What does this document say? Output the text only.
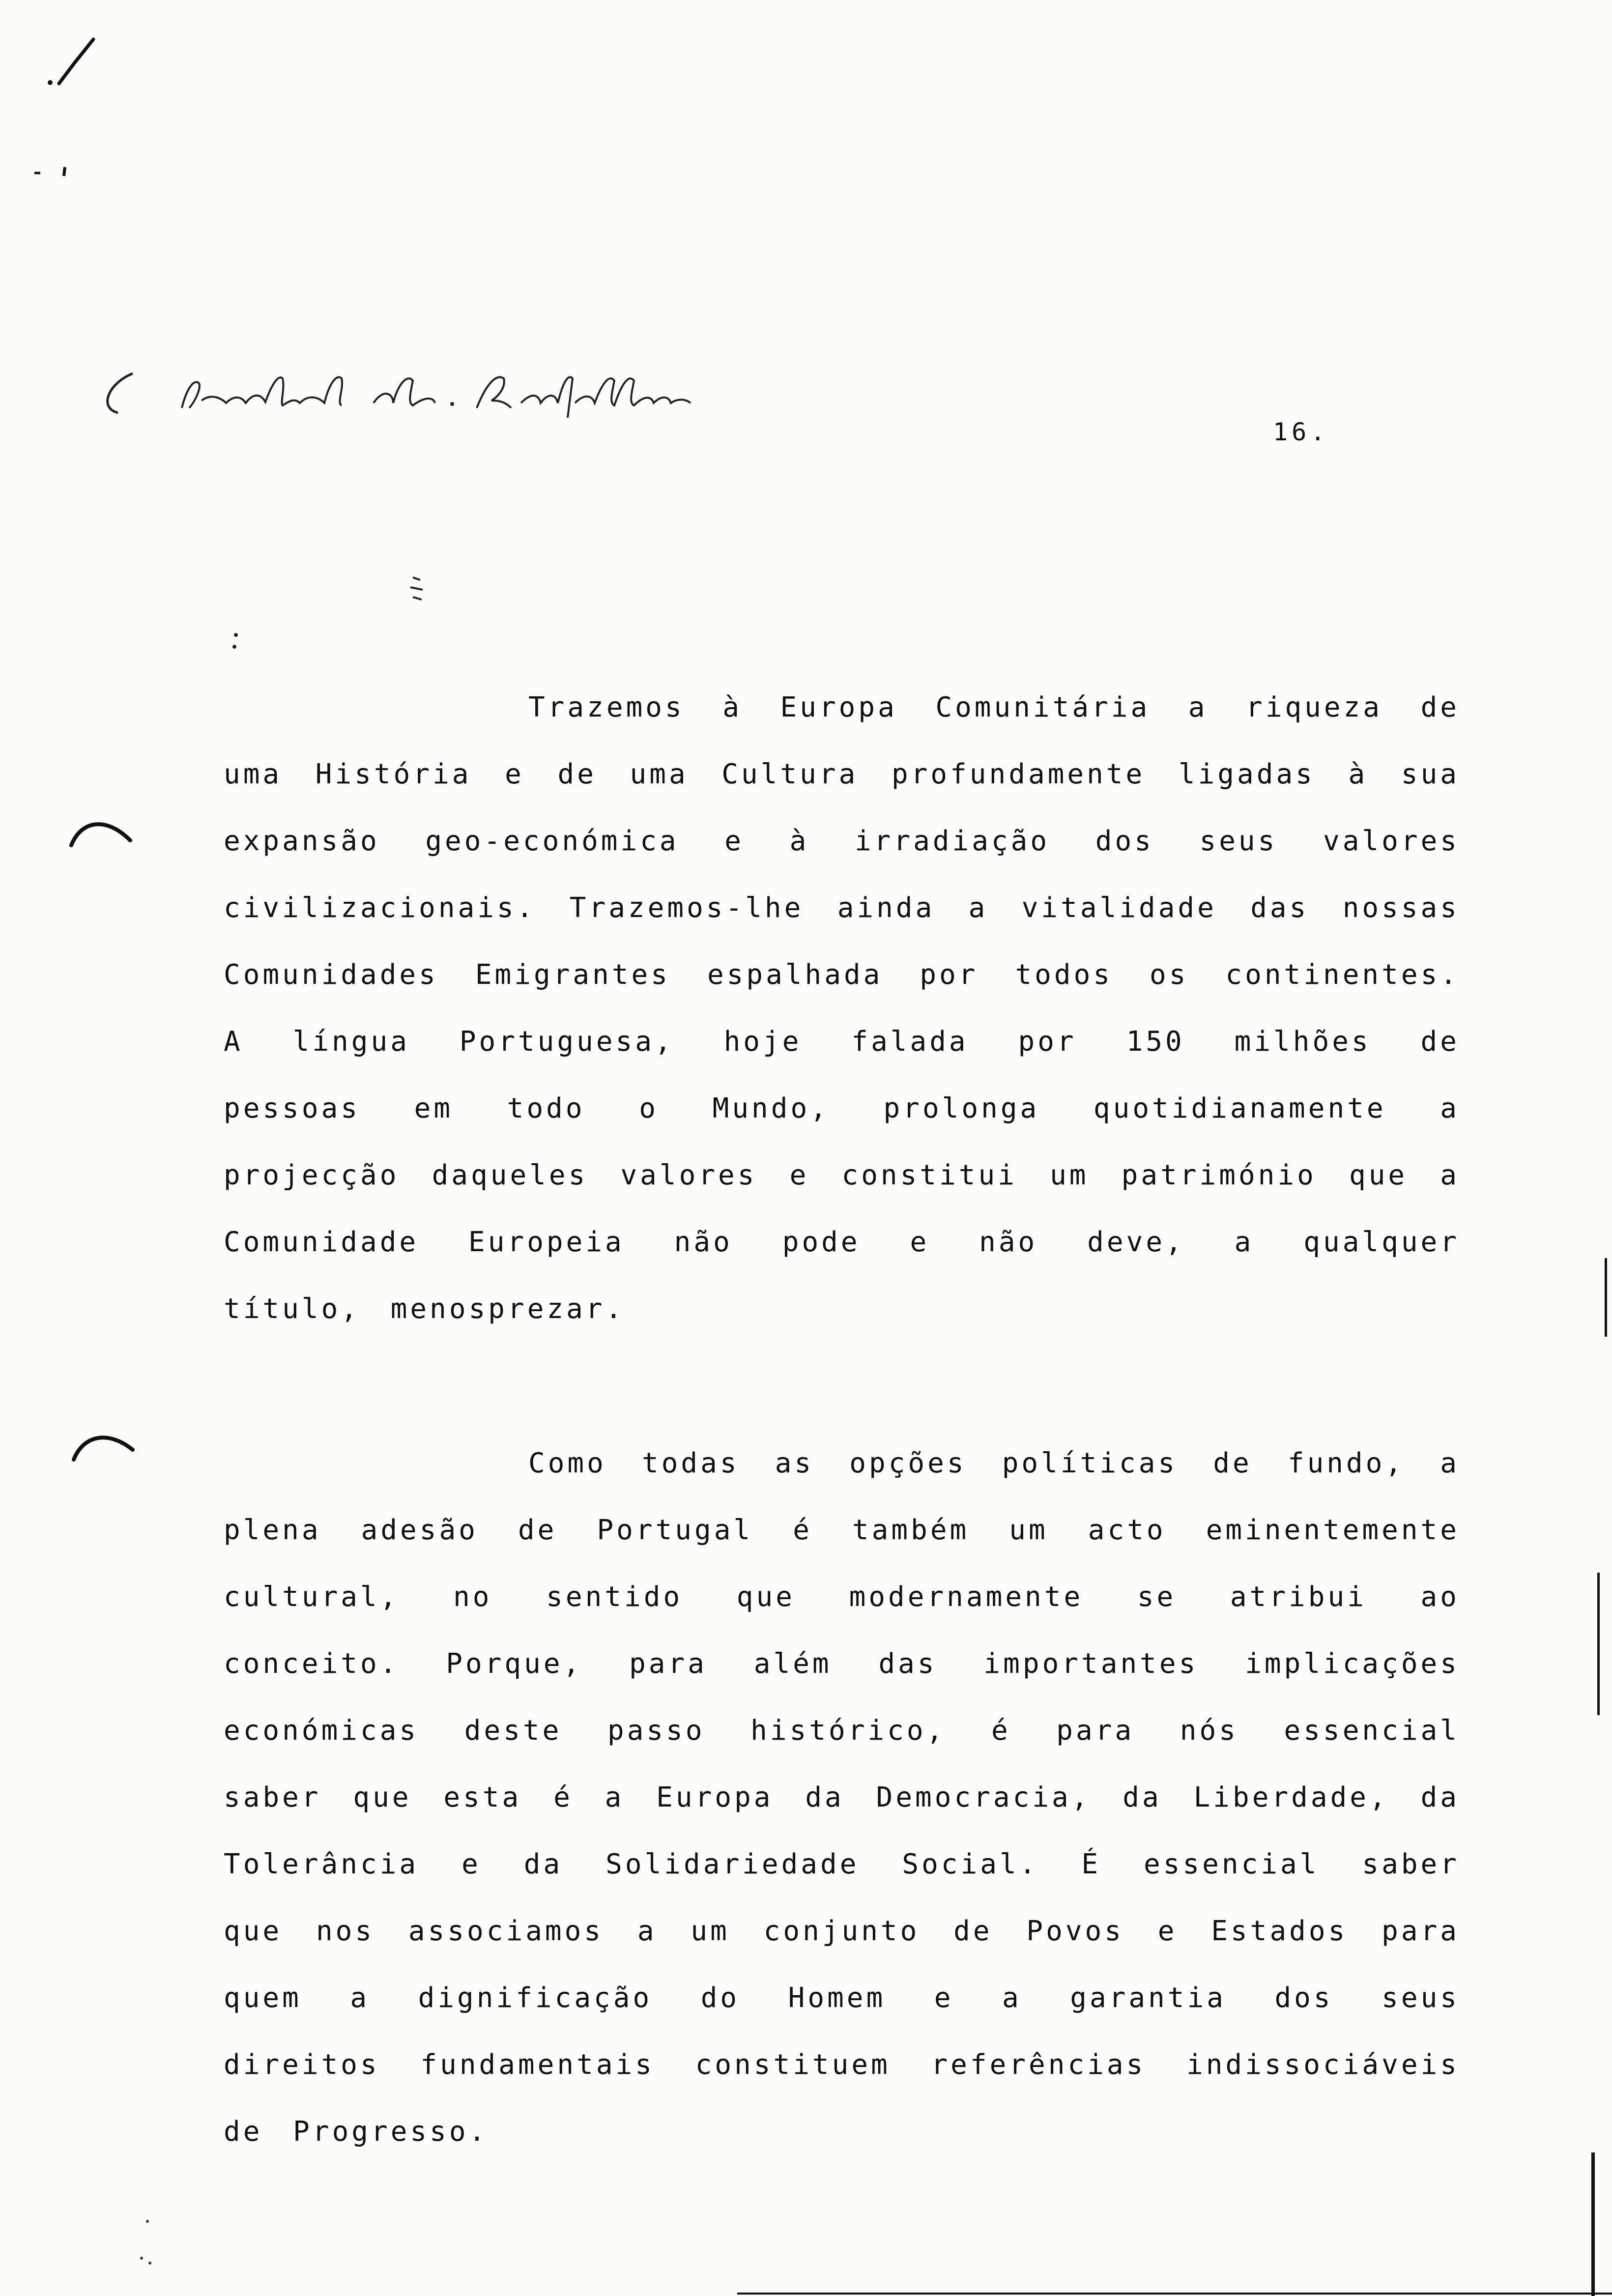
16.

Trazemos à Europa Comunitária a riqueza de uma História e de uma Cultura profundamente ligadas à sua expansão geo-económica e à irradiação dos seus valores civilizacionais. Trazemos-lhe ainda a vitalidade das nossas Comunidades Emigrantes espalhada por todos os continentes. A língua Portuguesa, hoje falada por 150 milhões de pessoas em todo o Mundo, prolonga quotidianamente a projecção daqueles valores e constitui um património que a Comunidade Europeia não pode e não deve, a qualquer título, menosprezar.

Como todas as opções políticas de fundo, a plena adesão de Portugal é também um acto eminentemente cultural, no sentido que modernamente se atribui ao conceito. Porque, para além das importantes implicações económicas deste passo histórico, é para nós essencial saber que esta é a Europa da Democracia, da Liberdade, da Tolerância e da Solidariedade Social. É essencial saber que nos associamos a um conjunto de Povos e Estados para quem a dignificação do Homem e a garantia dos seus direitos fundamentais constituem referências indissociáveis de Progresso.
